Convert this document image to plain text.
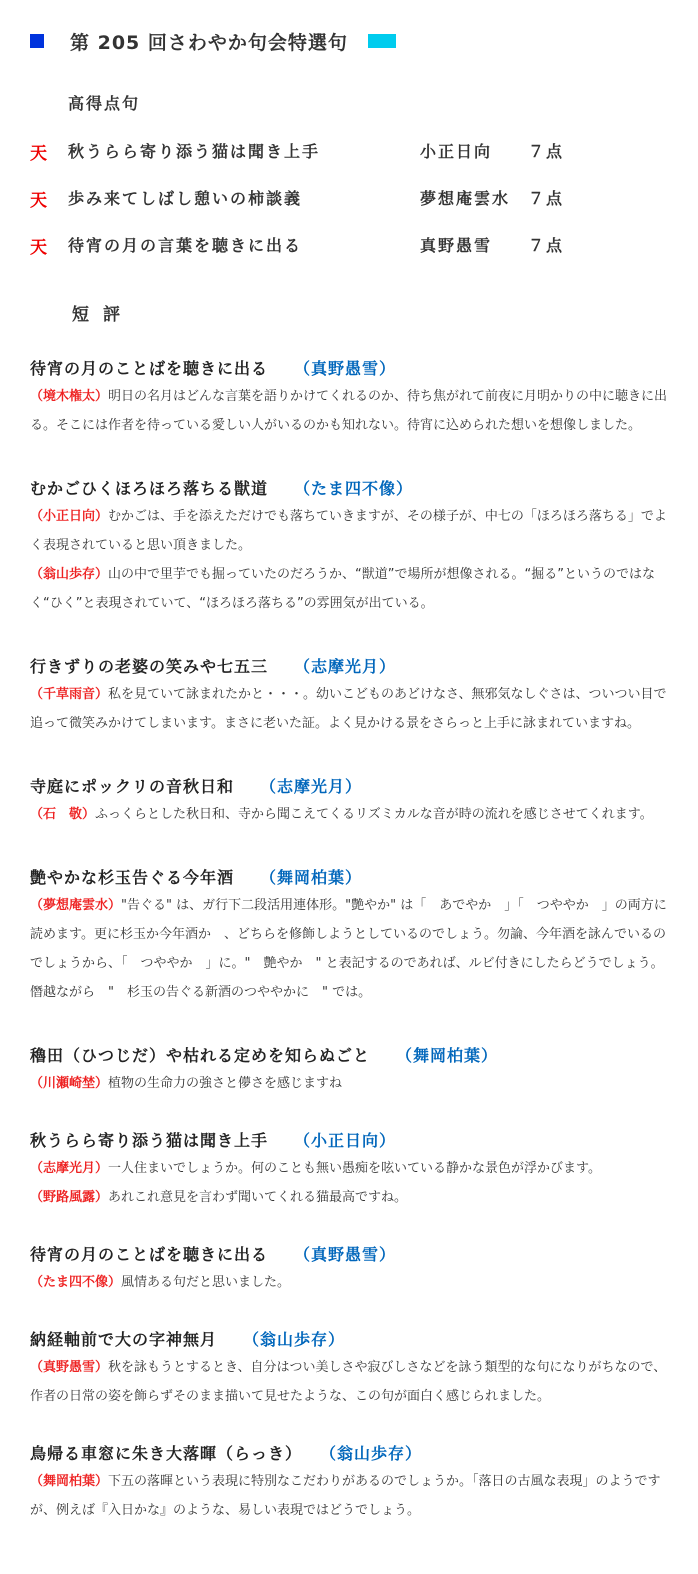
第 205 回さわやか句会特選句
高得点句
天 秋うらら寄り添う猫は聞き上手	小正日向 ７点
天 歩み来てしばし憩いの柿談義	夢想庵雲水 ７点
天 待宵の月の言葉を聴きに出る	真野愚雪 ７点
短評
待宵の月のことばを聴きに出る （真野愚雪）
（境木権太）明日の名月はどんな言葉を語りかけてくれるのか、待ち焦がれて前夜に月明かりの中に聴きに出る。そこには作者を待っている愛しい人がいるのかも知れない。待宵に込められた想いを想像しました。
むかごひくほろほろ落ちる獣道 （たま四不像）
（小正日向）むかごは、手を添えただけでも落ちていきますが、その様子が、中七の「ほろほろ落ちる」でよく表現されていると思い頂きました。
（翁山歩存）山の中で里芋でも掘っていたのだろうか、“獣道”で場所が想像される。“掘る”というのではなく“ひく”と表現されていて、“ほろほろ落ちる”の雰囲気が出ている。
行きずりの老婆の笑みや七五三 （志摩光月）
（千草雨音）私を見ていて詠まれたかと・・・。幼いこどものあどけなさ、無邪気なしぐさは、ついつい目で追って微笑みかけてしまいます。まさに老いた証。よく見かける景をさらっと上手に詠まれていますね。
寺庭にポックリの音秋日和 （志摩光月）
（石　敬）ふっくらとした秋日和、寺から聞こえてくるリズミカルな音が時の流れを感じさせてくれます。
艶やかな杉玉告ぐる今年酒 （舞岡柏葉）
（夢想庵雲水）"告ぐる" は、ガ行下二段活用連体形。"艶やか" は「　あでやか　」「　つややか　」の両方に読めます。更に杉玉か今年酒か　、どちらを修飾しようとしているのでしょう。勿論、今年酒を詠んでいるのでしょうから、「　つややか　」に。"　艶やか　" と表記するのであれば、ルビ付きにしたらどうでしょう。僭越ながら　"　杉玉の告ぐる新酒のつややかに　" では。
穭田（ひつじだ）や枯れる定めを知らぬごと （舞岡柏葉）
（川瀬崎埜）植物の生命力の強さと儚さを感じますね
秋うらら寄り添う猫は聞き上手 （小正日向）
（志摩光月）一人住まいでしょうか。何のことも無い愚痴を呟いている静かな景色が浮かびます。
（野路風露）あれこれ意見を言わず聞いてくれる猫最高ですね。
待宵の月のことばを聴きに出る （真野愚雪）
（たま四不像）風情ある句だと思いました。
納経軸前で大の字神無月 （翁山歩存）
（真野愚雪）秋を詠もうとするとき、自分はつい美しさや寂びしさなどを詠う類型的な句になりがちなので、作者の日常の姿を飾らずそのまま描いて見せたような、この句が面白く感じられました。
鳥帰る車窓に朱き大落暉（らっき） （翁山歩存）
（舞岡柏葉）下五の落暉という表現に特別なこだわりがあるのでしょうか。「落日の古風な表現」のようですが、例えば『入日かな』のような、易しい表現ではどうでしょう。
